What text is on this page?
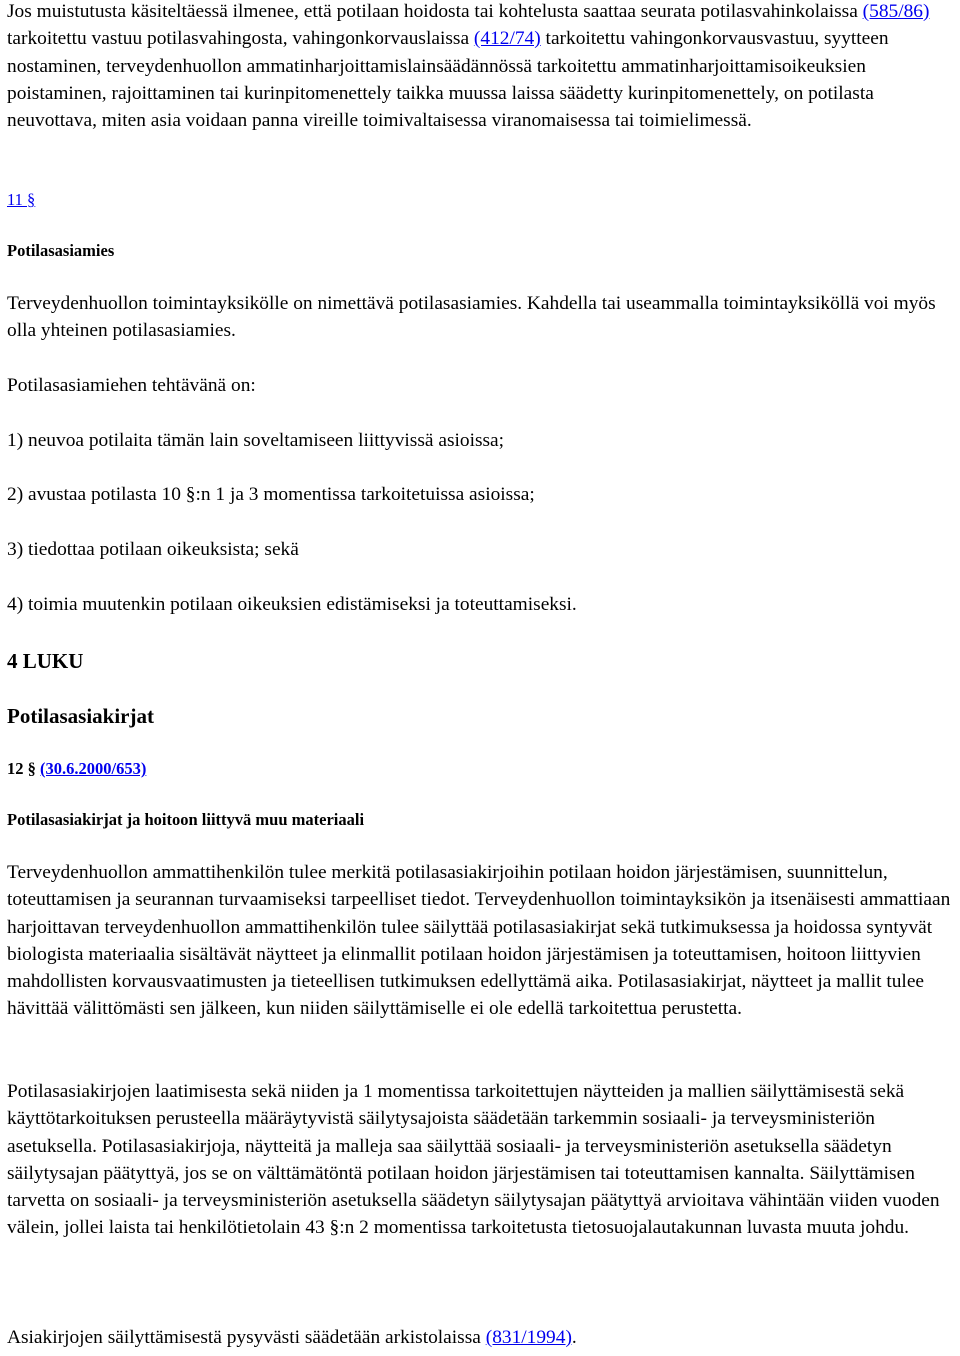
Jos muistutusta käsiteltäessä ilmenee, että potilaan hoidosta tai kohtelusta saattaa seurata potilasvahinkolaissa (585/86) tarkoitettu vastuu potilasvahingosta, vahingonkorvauslaissa (412/74) tarkoitettu vahingonkorvausvastuu, syytteen nostaminen, terveydenhuollon ammatinharjoittamislainsäädännössä tarkoitettu ammatinharjoittamisoikeuksien poistaminen, rajoittaminen tai kurinpitomenettely taikka muussa laissa säädetty kurinpitomenettely, on potilasta neuvottava, miten asia voidaan panna vireille toimivaltaisessa viranomaisessa tai toimielimessä.

11 §

Potilasasiamies

Terveydenhuollon toimintayksikölle on nimettävä potilasasiamies. Kahdella tai useammalla toimintayksiköllä voi myös olla yhteinen potilasasiamies.

Potilasasiamiehen tehtävänä on:

1) neuvoa potilaita tämän lain soveltamiseen liittyvissä asioissa;

2) avustaa potilasta 10 §:n 1 ja 3 momentissa tarkoitetuissa asioissa;

3) tiedottaa potilaan oikeuksista; sekä

4) toimia muutenkin potilaan oikeuksien edistämiseksi ja toteuttamiseksi.

4 LUKU

Potilasasiakirjat

12 § (30.6.2000/653)

Potilasasiakirjat ja hoitoon liittyvä muu materiaali

Terveydenhuollon ammattihenkilön tulee merkitä potilasasiakirjoihin potilaan hoidon järjestämisen, suunnittelun, toteuttamisen ja seurannan turvaamiseksi tarpeelliset tiedot. Terveydenhuollon toimintayksikön ja itsenäisesti ammattiaan harjoittavan terveydenhuollon ammattihenkilön tulee säilyttää potilasasiakirjat sekä tutkimuksessa ja hoidossa syntyvät biologista materiaalia sisältävät näytteet ja elinmallit potilaan hoidon järjestämisen ja toteuttamisen, hoitoon liittyvien mahdollisten korvausvaatimusten ja tieteellisen tutkimuksen edellyttämä aika. Potilasasiakirjat, näytteet ja mallit tulee hävittää välittömästi sen jälkeen, kun niiden säilyttämiselle ei ole edellä tarkoitettua perustetta.

Potilasasiakirjojen laatimisesta sekä niiden ja 1 momentissa tarkoitettujen näytteiden ja mallien säilyttämisestä sekä käyttötarkoituksen perusteella määräytyvistä säilytysajoista säädetään tarkemmin sosiaali- ja terveysministeriön asetuksella. Potilasasiakirjoja, näytteitä ja malleja saa säilyttää sosiaali- ja terveysministeriön asetuksella säädetyn säilytysajan päätyttyä, jos se on välttämätöntä potilaan hoidon järjestämisen tai toteuttamisen kannalta. Säilyttämisen tarvetta on sosiaali- ja terveysministeriön asetuksella säädetyn säilytysajan päätyttyä arvioitava vähintään viiden vuoden välein, jollei laista tai henkilötietolain 43 §:n 2 momentissa tarkoitetusta tietosuojalautakunnan luvasta muuta johdu.

Asiakirjojen säilyttämisestä pysyvästi säädetään arkistolaissa (831/1994).
